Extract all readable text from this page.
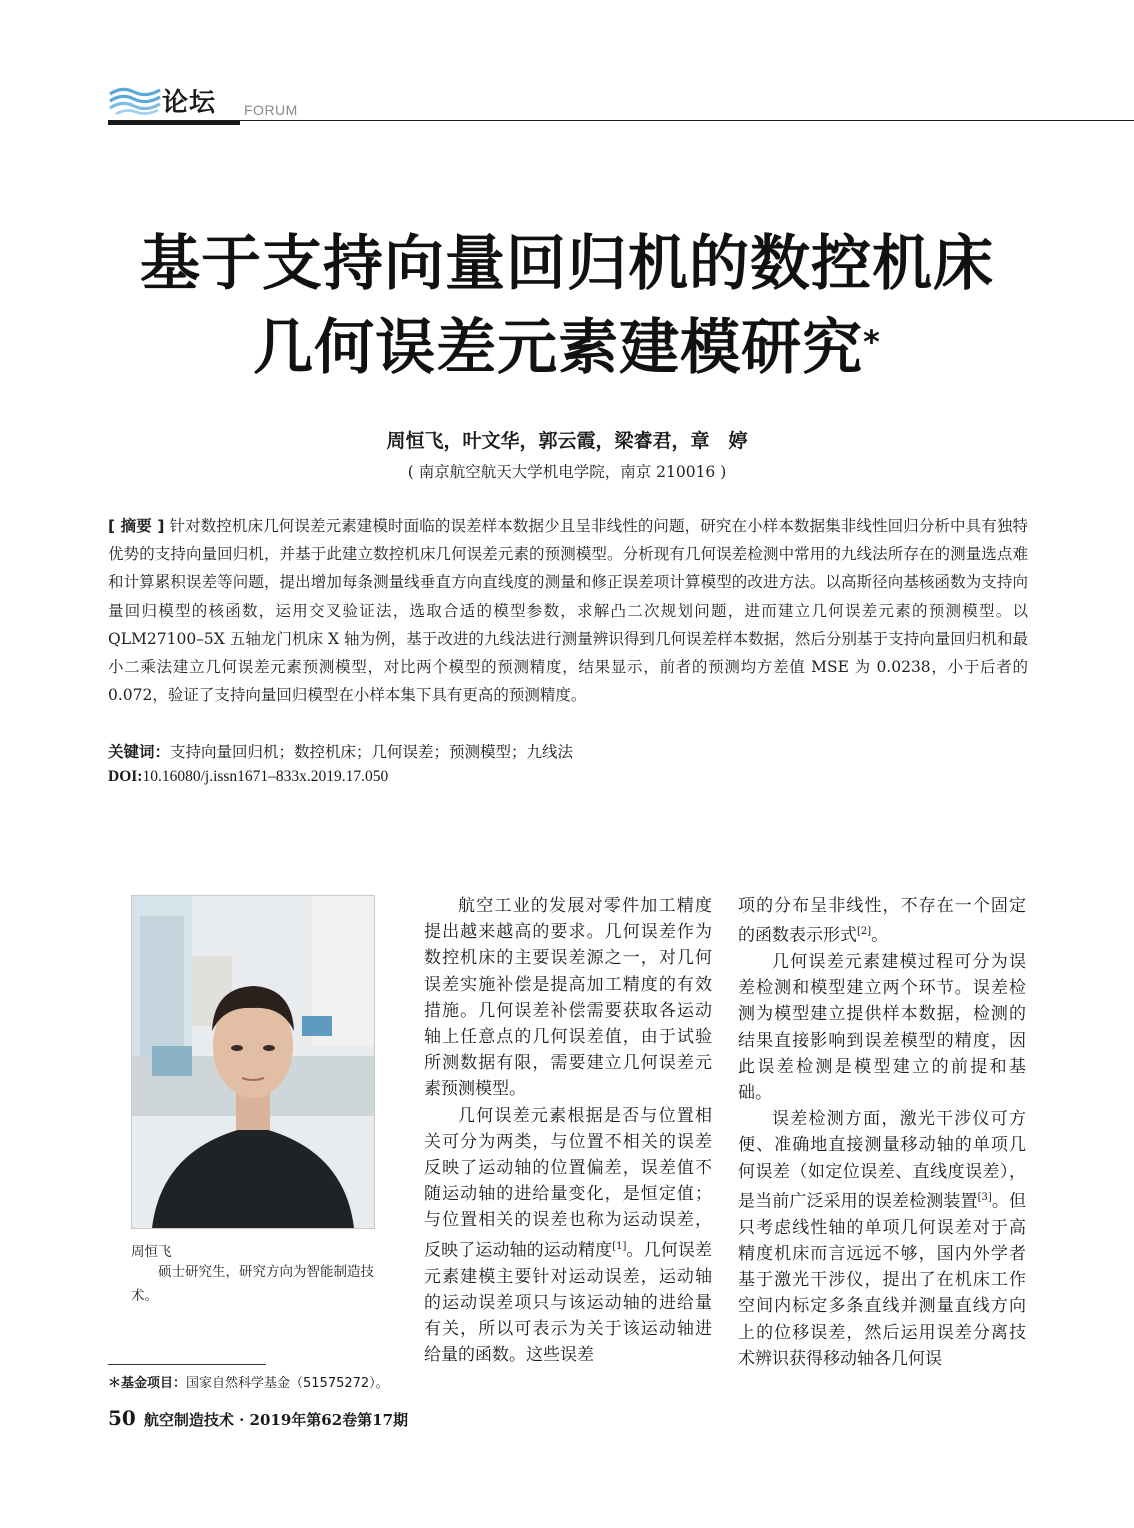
论坛 FORUM
基于支持向量回归机的数控机床
几何误差元素建模研究*
周恒飞，叶文华，郭云霞，梁睿君，章　婷
( 南京航空航天大学机电学院，南京 210016 )
[ 摘要 ] 针对数控机床几何误差元素建模时面临的误差样本数据少且呈非线性的问题，研究在小样本数据集非线性回归分析中具有独特优势的支持向量回归机，并基于此建立数控机床几何误差元素的预测模型。分析现有几何误差检测中常用的九线法所存在的测量选点难和计算累积误差等问题，提出增加每条测量线垂直方向直线度的测量和修正误差项计算模型的改进方法。以高斯径向基核函数为支持向量回归模型的核函数，运用交叉验证法，选取合适的模型参数，求解凸二次规划问题，进而建立几何误差元素的预测模型。以 QLM27100–5X 五轴龙门机床 X 轴为例，基于改进的九线法进行测量辨识得到几何误差样本数据，然后分别基于支持向量回归机和最小二乘法建立几何误差元素预测模型，对比两个模型的预测精度，结果显示，前者的预测均方差值 MSE 为 0.0238，小于后者的 0.072，验证了支持向量回归模型在小样本集下具有更高的预测精度。
关键词：支持向量回归机；数控机床；几何误差；预测模型；九线法
DOI:10.16080/j.issn1671–833x.2019.17.050
周恒飞
硕士研究生，研究方向为智能制造技术。
＊基金项目：国家自然科学基金（51575272）。

航空工业的发展对零件加工精度提出越来越高的要求。几何误差作为数控机床的主要误差源之一，对几何误差实施补偿是提高加工精度的有效措施。几何误差补偿需要获取各运动轴上任意点的几何误差值，由于试验所测数据有限，需要建立几何误差元素预测模型。

几何误差元素根据是否与位置相关可分为两类，与位置不相关的误差反映了运动轴的位置偏差，误差值不随运动轴的进给量变化，是恒定值；与位置相关的误差也称为运动误差，反映了运动轴的运动精度[1]。几何误差元素建模主要针对运动误差，运动轴的运动误差项只与该运动轴的进给量有关，所以可表示为关于该运动轴进给量的函数。这些误差

项的分布呈非线性，不存在一个固定的函数表示形式[2]。

几何误差元素建模过程可分为误差检测和模型建立两个环节。误差检测为模型建立提供样本数据，检测的结果直接影响到误差模型的精度，因此误差检测是模型建立的前提和基础。

误差检测方面，激光干涉仪可方便、准确地直接测量移动轴的单项几何误差（如定位误差、直线度误差），是当前广泛采用的误差检测装置[3]。但只考虑线性轴的单项几何误差对于高精度机床而言远远不够，国内外学者基于激光干涉仪，提出了在机床工作空间内标定多条直线并测量直线方向上的位移误差，然后运用误差分离技术辨识获得移动轴各几何误

50 航空制造技术 · 2019年第62卷第17期
